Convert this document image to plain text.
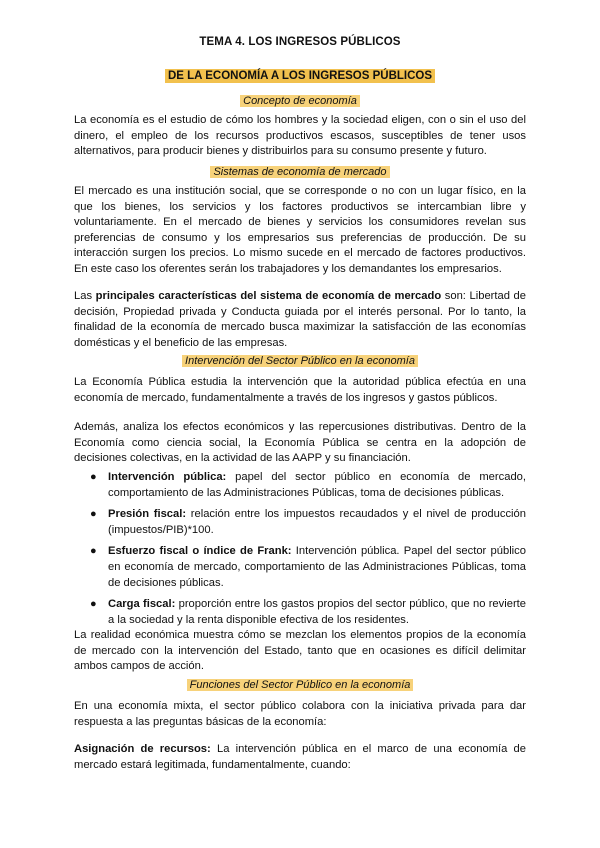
TEMA 4. LOS INGRESOS PÚBLICOS
DE LA ECONOMÍA A LOS INGRESOS PÚBLICOS
Concepto de economía
La economía es el estudio de cómo los hombres y la sociedad eligen, con o sin el uso del dinero, el empleo de los recursos productivos escasos, susceptibles de tener usos alternativos, para producir bienes y distribuirlos para su consumo presente y futuro.
Sistemas de economía de mercado
El mercado es una institución social, que se corresponde o no con un lugar físico, en la que los bienes, los servicios y los factores productivos se intercambian libre y voluntariamente. En el mercado de bienes y servicios los consumidores revelan sus preferencias de consumo y los empresarios sus preferencias de producción. De su interacción surgen los precios. Lo mismo sucede en el mercado de factores productivos. En este caso los oferentes serán los trabajadores y los demandantes los empresarios.
Las principales características del sistema de economía de mercado son: Libertad de decisión, Propiedad privada y Conducta guiada por el interés personal. Por lo tanto, la finalidad de la economía de mercado busca maximizar la satisfacción de las economías domésticas y el beneficio de las empresas.
Intervención del Sector Público en la economía
La Economía Pública estudia la intervención que la autoridad pública efectúa en una economía de mercado, fundamentalmente a través de los ingresos y gastos públicos.
Además, analiza los efectos económicos y las repercusiones distributivas. Dentro de la Economía como ciencia social, la Economía Pública se centra en la adopción de decisiones colectivas, en la actividad de las AAPP y su financiación.
● Intervención pública: papel del sector público en economía de mercado, comportamiento de las Administraciones Públicas, toma de decisiones públicas.
● Presión fiscal: relación entre los impuestos recaudados y el nivel de producción (impuestos/PIB)*100.
● Esfuerzo fiscal o índice de Frank: Intervención pública. Papel del sector público en economía de mercado, comportamiento de las Administraciones Públicas, toma de decisiones públicas.
● Carga fiscal: proporción entre los gastos propios del sector público, que no revierte a la sociedad y la renta disponible efectiva de los residentes.
La realidad económica muestra cómo se mezclan los elementos propios de la economía de mercado con la intervención del Estado, tanto que en ocasiones es difícil delimitar ambos campos de acción.
Funciones del Sector Público en la economía
En una economía mixta, el sector público colabora con la iniciativa privada para dar respuesta a las preguntas básicas de la economía:
Asignación de recursos: La intervención pública en el marco de una economía de mercado estará legitimada, fundamentalmente, cuando:
